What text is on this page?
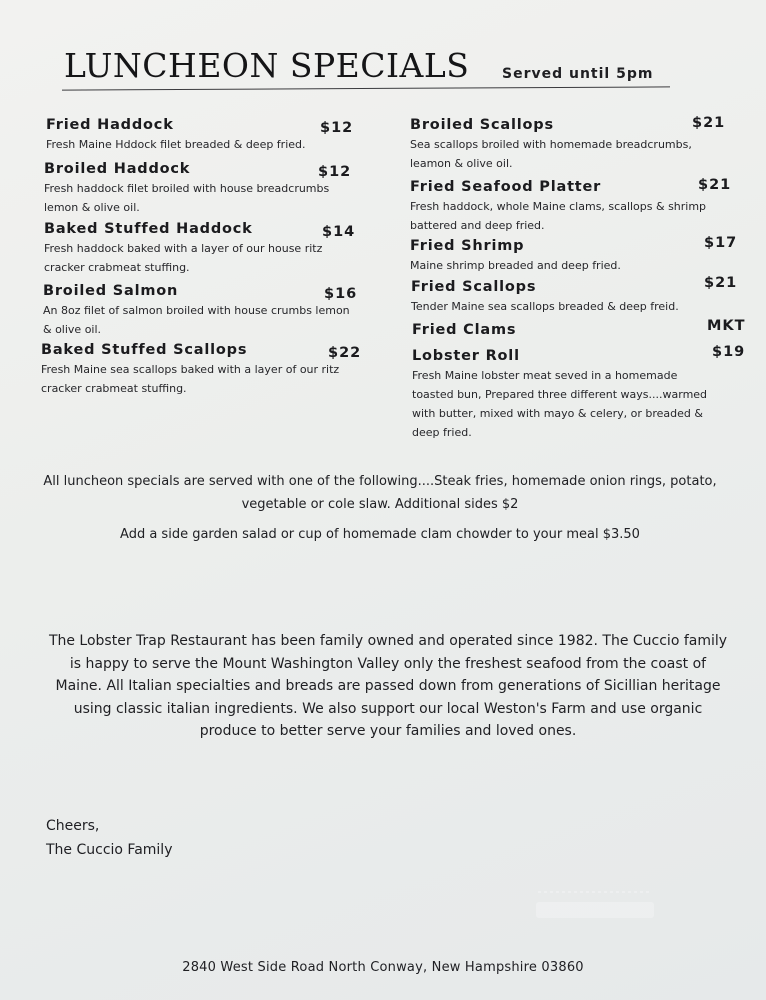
LUNCHEON SPECIALS Served until 5pm
Fried Haddock
Fresh Maine Hddock filet breaded & deep fried.
$12
Broiled Haddock
Fresh haddock filet broiled with house breadcrumbs lemon & olive oil.
$12
Baked Stuffed Haddock
Fresh haddock baked with a layer of our house ritz cracker crabmeat stuffing.
$14
Broiled Salmon
An 8oz filet of salmon broiled with house crumbs lemon & olive oil.
$16
Baked Stuffed Scallops
Fresh Maine sea scallops baked with a layer of our ritz cracker crabmeat stuffing.
$22
Broiled Scallops
Sea scallops broiled with homemade breadcrumbs, leamon & olive oil.
$21
Fried Seafood Platter
Fresh haddock, whole Maine clams, scallops & shrimp battered and deep fried.
$21
Fried Shrimp
Maine shrimp breaded and deep fried.
$17
Fried Scallops
Tender Maine sea scallops breaded & deep freid.
$21
Fried Clams	MKT
Lobster Roll
Fresh Maine lobster meat seved in a homemade toasted bun, Prepared three different ways....warmed with butter, mixed with mayo & celery, or breaded & deep fried.
$19
All luncheon specials are served with one of the following....Steak fries, homemade onion rings, potato, vegetable or cole slaw. Additional sides $2
Add a side garden salad or cup of homemade clam chowder to your meal $3.50
The Lobster Trap Restaurant has been family owned and operated since 1982. The Cuccio family is happy to serve the Mount Washington Valley only the freshest seafood from the coast of Maine. All Italian specialties and breads are passed down from generations of Sicillian heritage using classic italian ingredients. We also support our local Weston's Farm and use organic produce to better serve your families and loved ones.
Cheers,
The Cuccio Family
2840 West Side Road North Conway, New Hampshire 03860
